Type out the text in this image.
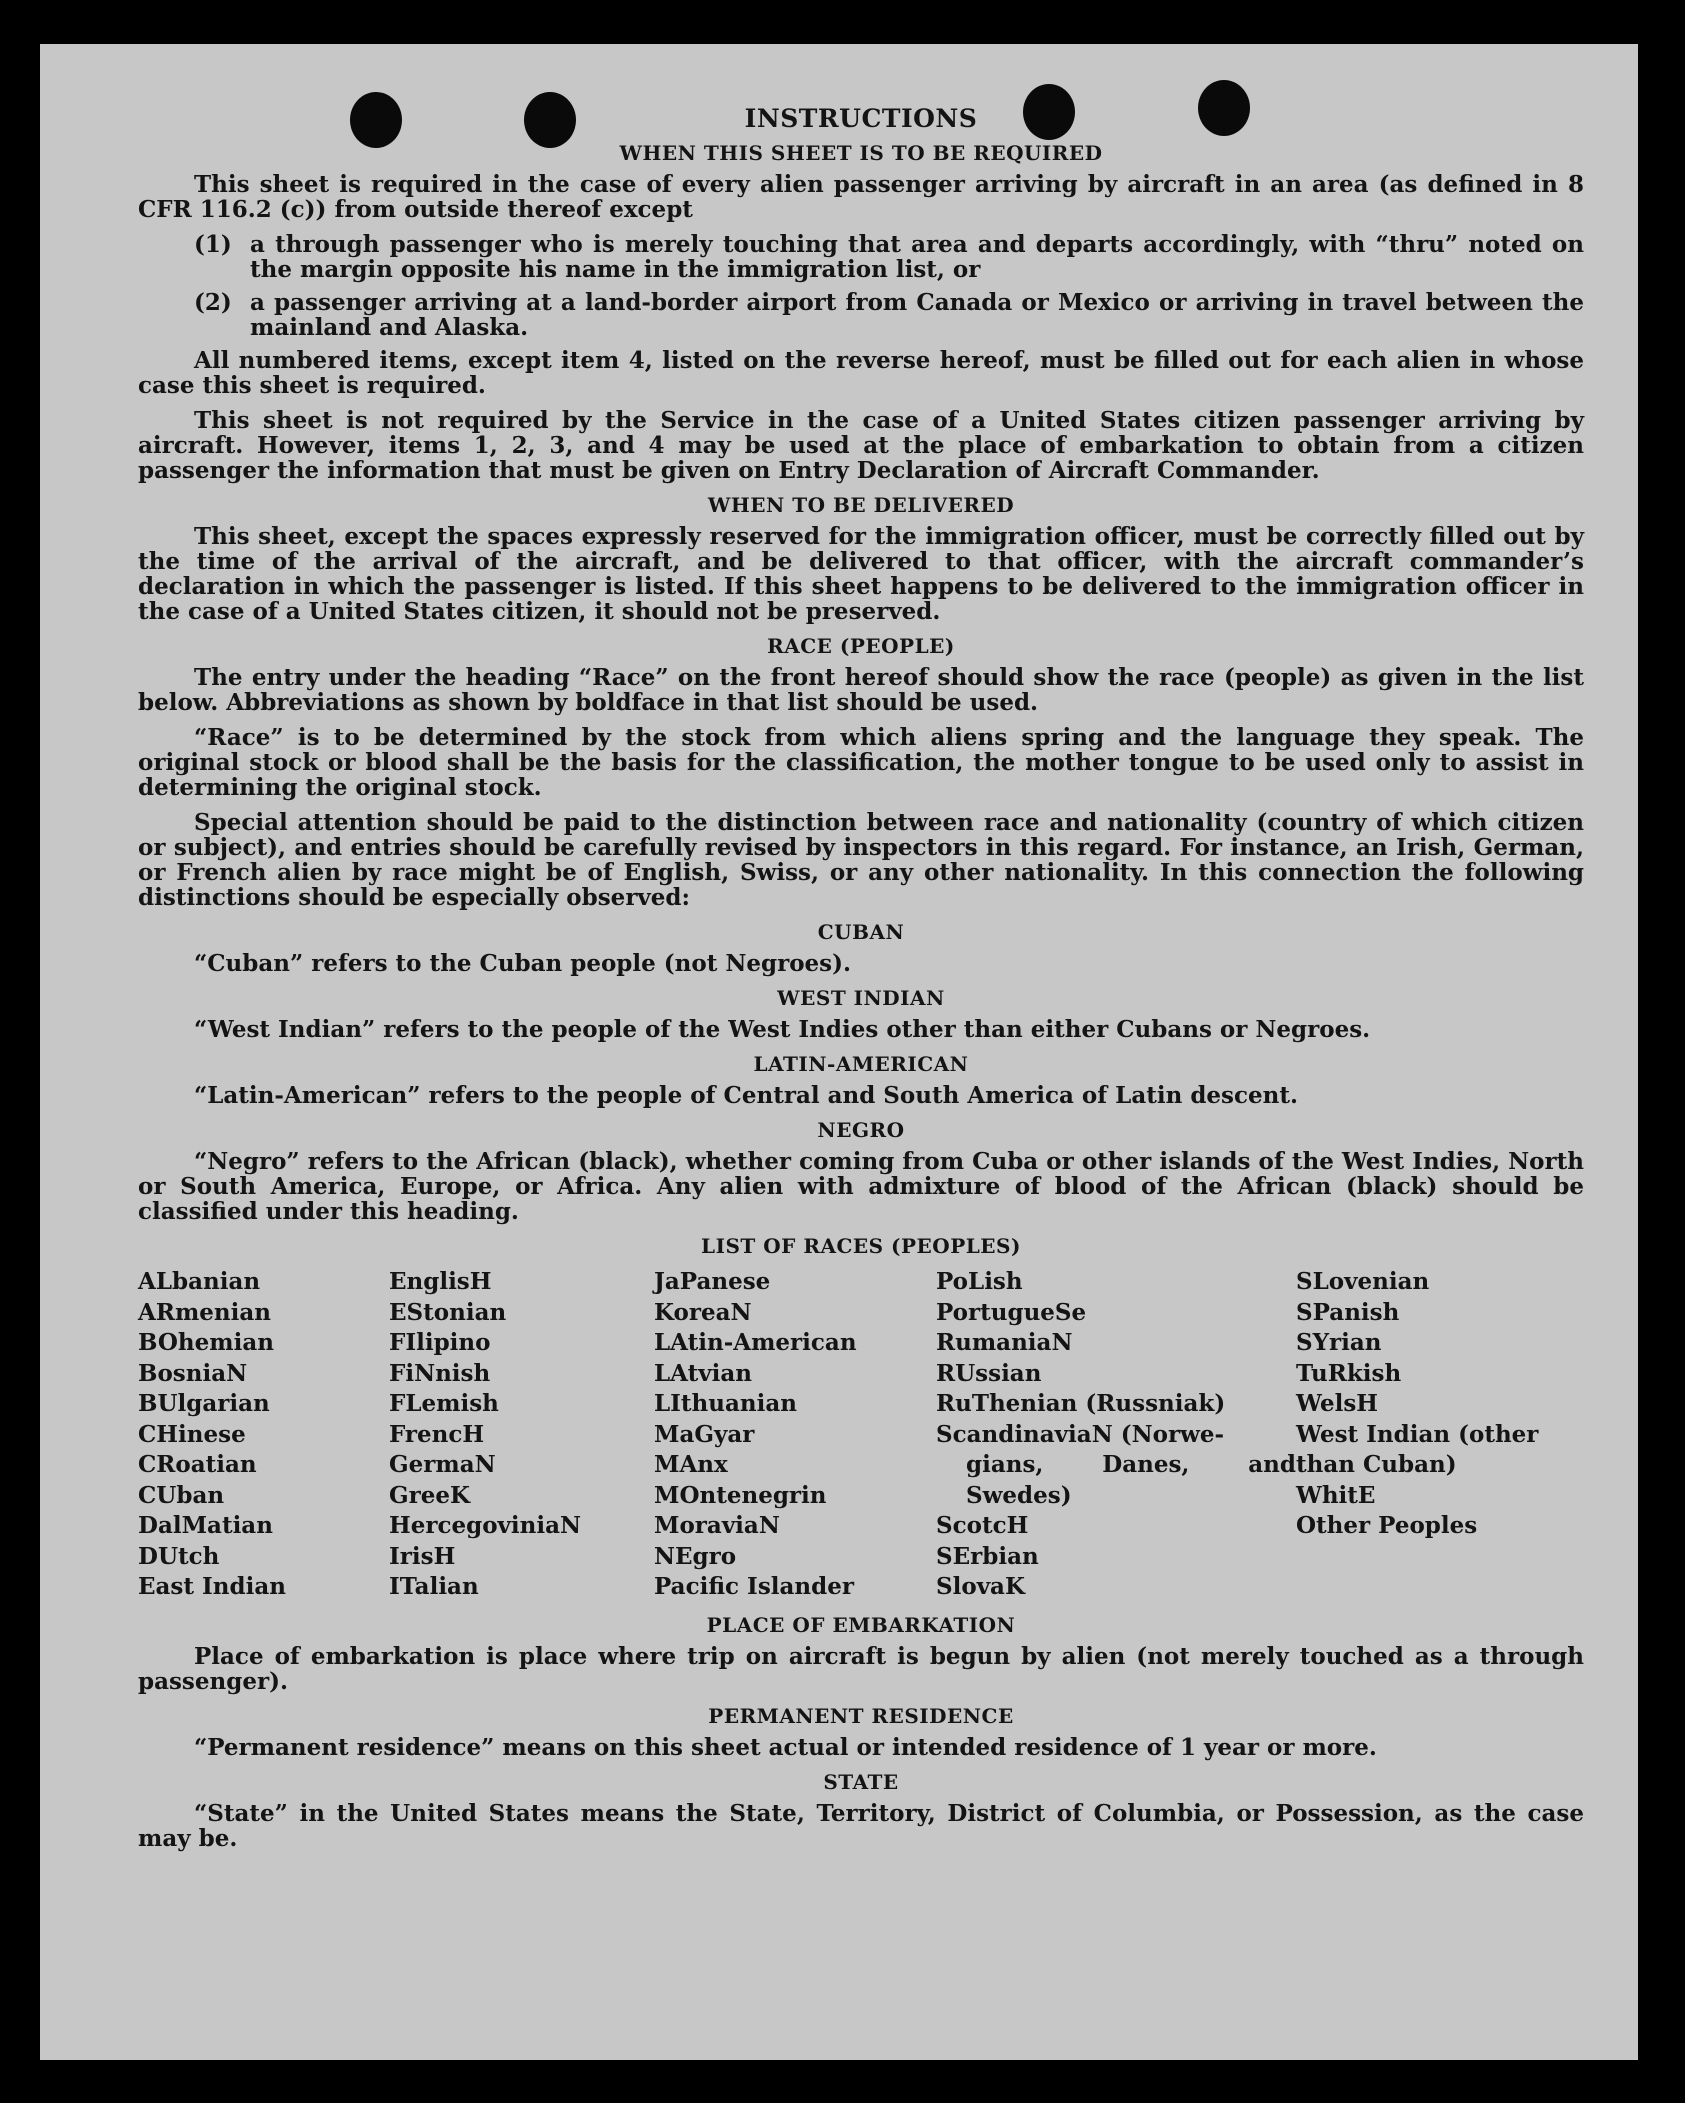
INSTRUCTIONS
WHEN THIS SHEET IS TO BE REQUIRED

This sheet is required in the case of every alien passenger arriving by aircraft in an area (as defined in 8 CFR 116.2 (c)) from outside thereof except

(1) a through passenger who is merely touching that area and departs accordingly, with “thru” noted on the margin opposite his name in the immigration list, or
(2) a passenger arriving at a land-border airport from Canada or Mexico or arriving in travel between the mainland and Alaska.

All numbered items, except item 4, listed on the reverse hereof, must be filled out for each alien in whose case this sheet is required.

This sheet is not required by the Service in the case of a United States citizen passenger arriving by aircraft. However, items 1, 2, 3, and 4 may be used at the place of embarkation to obtain from a citizen passenger the information that must be given on Entry Declaration of Aircraft Commander.

WHEN TO BE DELIVERED

This sheet, except the spaces expressly reserved for the immigration officer, must be correctly filled out by the time of the arrival of the aircraft, and be delivered to that officer, with the aircraft commander’s declaration in which the passenger is listed. If this sheet happens to be delivered to the immigration officer in the case of a United States citizen, it should not be preserved.

RACE (PEOPLE)

The entry under the heading “Race” on the front hereof should show the race (people) as given in the list below. Abbreviations as shown by boldface in that list should be used.

“Race” is to be determined by the stock from which aliens spring and the language they speak. The original stock or blood shall be the basis for the classification, the mother tongue to be used only to assist in determining the original stock.

Special attention should be paid to the distinction between race and nationality (country of which citizen or subject), and entries should be carefully revised by inspectors in this regard. For instance, an Irish, German, or French alien by race might be of English, Swiss, or any other nationality. In this connection the following distinctions should be especially observed:

CUBAN
“Cuban” refers to the Cuban people (not Negroes).
WEST INDIAN
“West Indian” refers to the people of the West Indies other than either Cubans or Negroes.
LATIN-AMERICAN
“Latin-American” refers to the people of Central and South America of Latin descent.
NEGRO

“Negro” refers to the African (black), whether coming from Cuba or other islands of the West Indies, North or South America, Europe, or Africa. Any alien with admixture of blood of the African (black) should be classified under this heading.

LIST OF RACES (PEOPLES)
ALbanian
ARmenian
BOhemian
BosniaN
BUlgarian
CHinese
CRoatian
CUban
DalMatian
DUtch
East Indian
EnglisH
EStonian
FIlipino
FiNnish
FLemish
FrencH
GermaN
GreeK
HercegoviniaN
IrisH
ITalian
JaPanese
KoreaN
LAtin-American
LAtvian
LIthuanian
MaGyar
MAnx
MOntenegrin
MoraviaN
NEgro
Pacific Islander
PoLish
PortugueSe
RumaniaN
RUssian
RuThenian (Russniak)
ScandinaviaN (Norwe-
gians, Danes, and
Swedes)
ScotcH
SErbian
SlovaK
SLovenian
SPanish
SYrian
TuRkish
WelsH
West Indian (other
than Cuban)
WhitE
Other Peoples
PLACE OF EMBARKATION

Place of embarkation is place where trip on aircraft is begun by alien (not merely touched as a through passenger).

PERMANENT RESIDENCE
“Permanent residence” means on this sheet actual or intended residence of 1 year or more.
STATE

“State” in the United States means the State, Territory, District of Columbia, or Possession, as the case may be.
